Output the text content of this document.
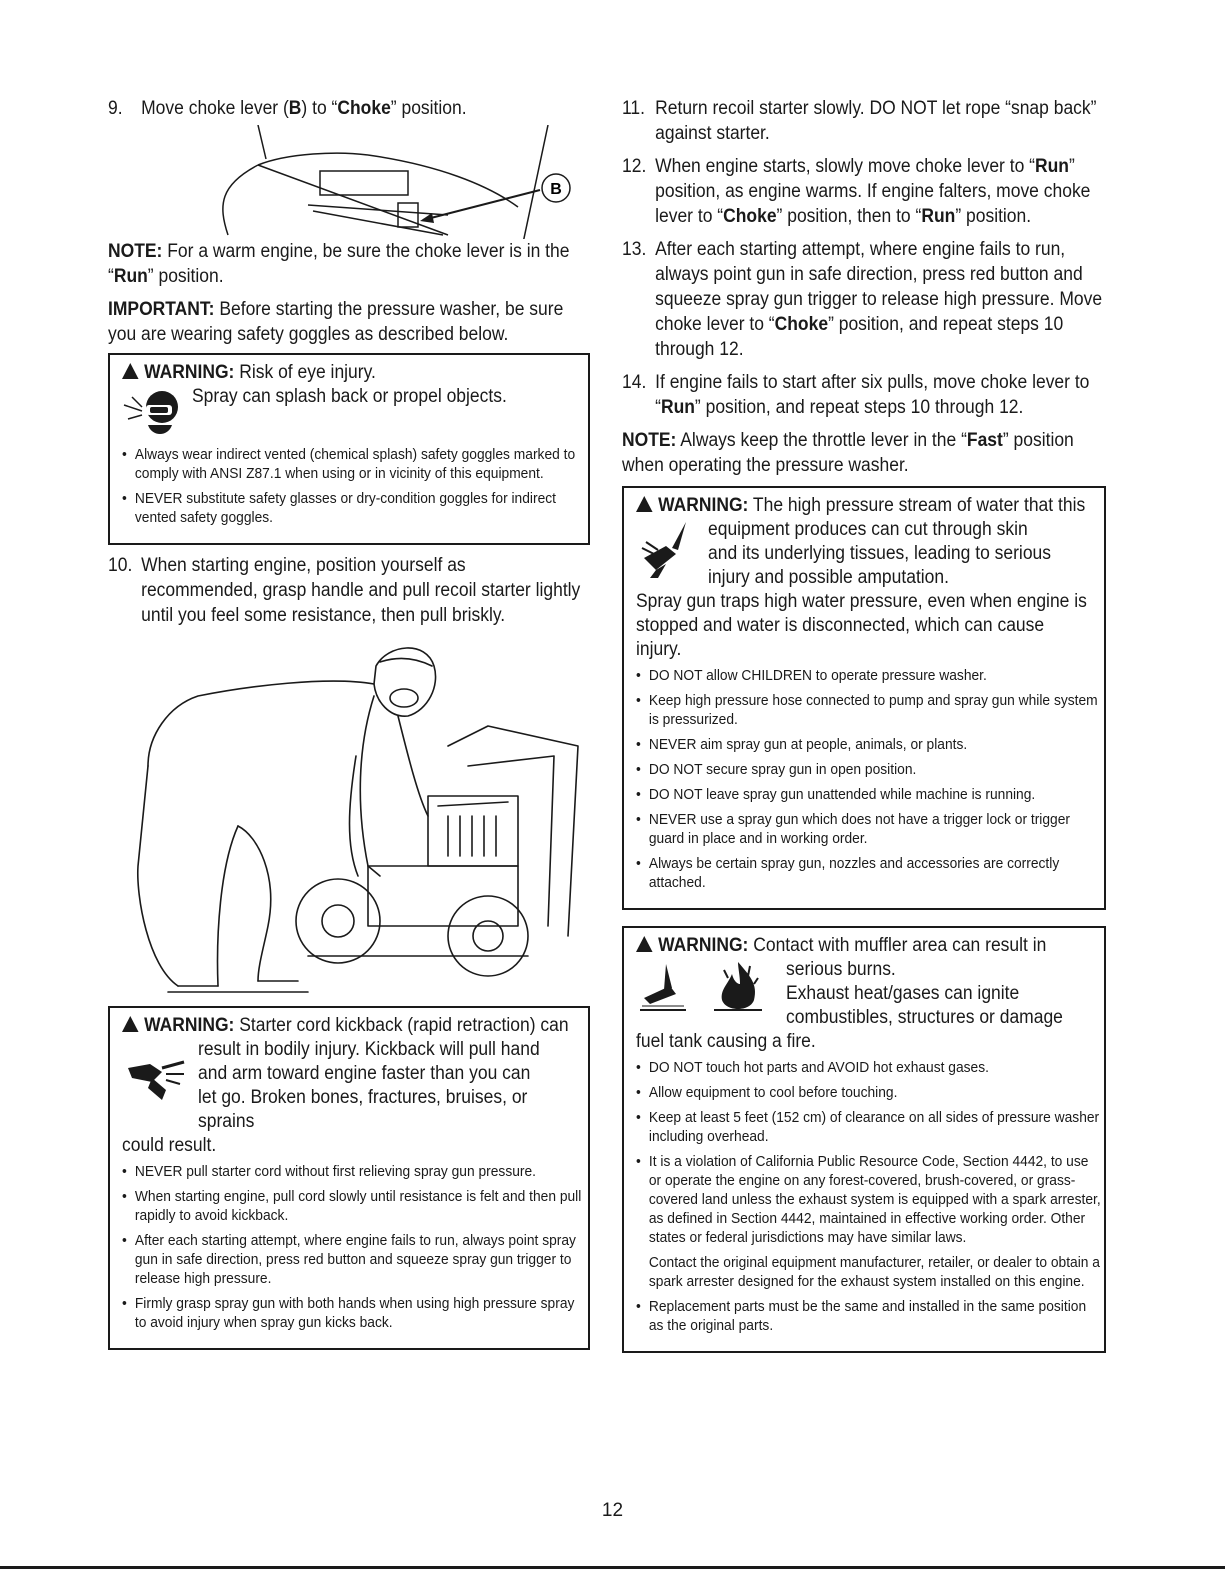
9. Move choke lever (B) to “Choke” position.
B

NOTE: For a warm engine, be sure the choke lever is in the “Run” position.

IMPORTANT: Before starting the pressure washer, be sure you are wearing safety goggles as described below.

WARNING: Risk of eye injury.
Spray can splash back or propel objects.
• Always wear indirect vented (chemical splash) safety goggles marked to comply with ANSI Z87.1 when using or in vicinity of this equipment.
• NEVER substitute safety glasses or dry-condition goggles for indirect vented safety goggles.
10. When starting engine, position yourself as recommended, grasp handle and pull recoil starter lightly until you feel some resistance, then pull briskly.
WARNING: Starter cord kickback (rapid retraction) can
result in bodily injury. Kickback will pull hand and arm toward engine faster than you can let go. Broken bones, fractures, bruises, or sprains
could result.
• NEVER pull starter cord without first relieving spray gun pressure.
• When starting engine, pull cord slowly until resistance is felt and then pull rapidly to avoid kickback.
• After each starting attempt, where engine fails to run, always point spray gun in safe direction, press red button and squeeze spray gun trigger to release high pressure.
• Firmly grasp spray gun with both hands when using high pressure spray to avoid injury when spray gun kicks back.
11. Return recoil starter slowly. DO NOT let rope “snap back” against starter.
12. When engine starts, slowly move choke lever to “Run” position, as engine warms. If engine falters, move choke lever to “Choke” position, then to “Run” position.
13. After each starting attempt, where engine fails to run, always point gun in safe direction, press red button and squeeze spray gun trigger to release high pressure. Move choke lever to “Choke” position, and repeat steps 10 through 12.
14. If engine fails to start after six pulls, move choke lever to “Run” position, and repeat steps 10 through 12.

NOTE: Always keep the throttle lever in the “Fast” position when operating the pressure washer.

WARNING: The high pressure stream of water that this
equipment produces can cut through skin and its underlying tissues, leading to serious injury and possible amputation.
Spray gun traps high water pressure, even when engine is stopped and water is disconnected, which can cause injury.
• DO NOT allow CHILDREN to operate pressure washer.
• Keep high pressure hose connected to pump and spray gun while system is pressurized.
• NEVER aim spray gun at people, animals, or plants.
• DO NOT secure spray gun in open position.
• DO NOT leave spray gun unattended while machine is running.
• NEVER use a spray gun which does not have a trigger lock or trigger guard in place and in working order.
• Always be certain spray gun, nozzles and accessories are correctly attached.
WARNING: Contact with muffler area can result in
serious burns.
Exhaust heat/gases can ignite combustibles, structures or damage
fuel tank causing a fire.
• DO NOT touch hot parts and AVOID hot exhaust gases.
• Allow equipment to cool before touching.
• Keep at least 5 feet (152 cm) of clearance on all sides of pressure washer including overhead.
• It is a violation of California Public Resource Code, Section 4442, to use or operate the engine on any forest-covered, brush-covered, or grass-covered land unless the exhaust system is equipped with a spark arrester, as defined in Section 4442, maintained in effective working order. Other states or federal jurisdictions may have similar laws.
Contact the original equipment manufacturer, retailer, or dealer to obtain a spark arrester designed for the exhaust system installed on this engine.
• Replacement parts must be the same and installed in the same position as the original parts.
12
